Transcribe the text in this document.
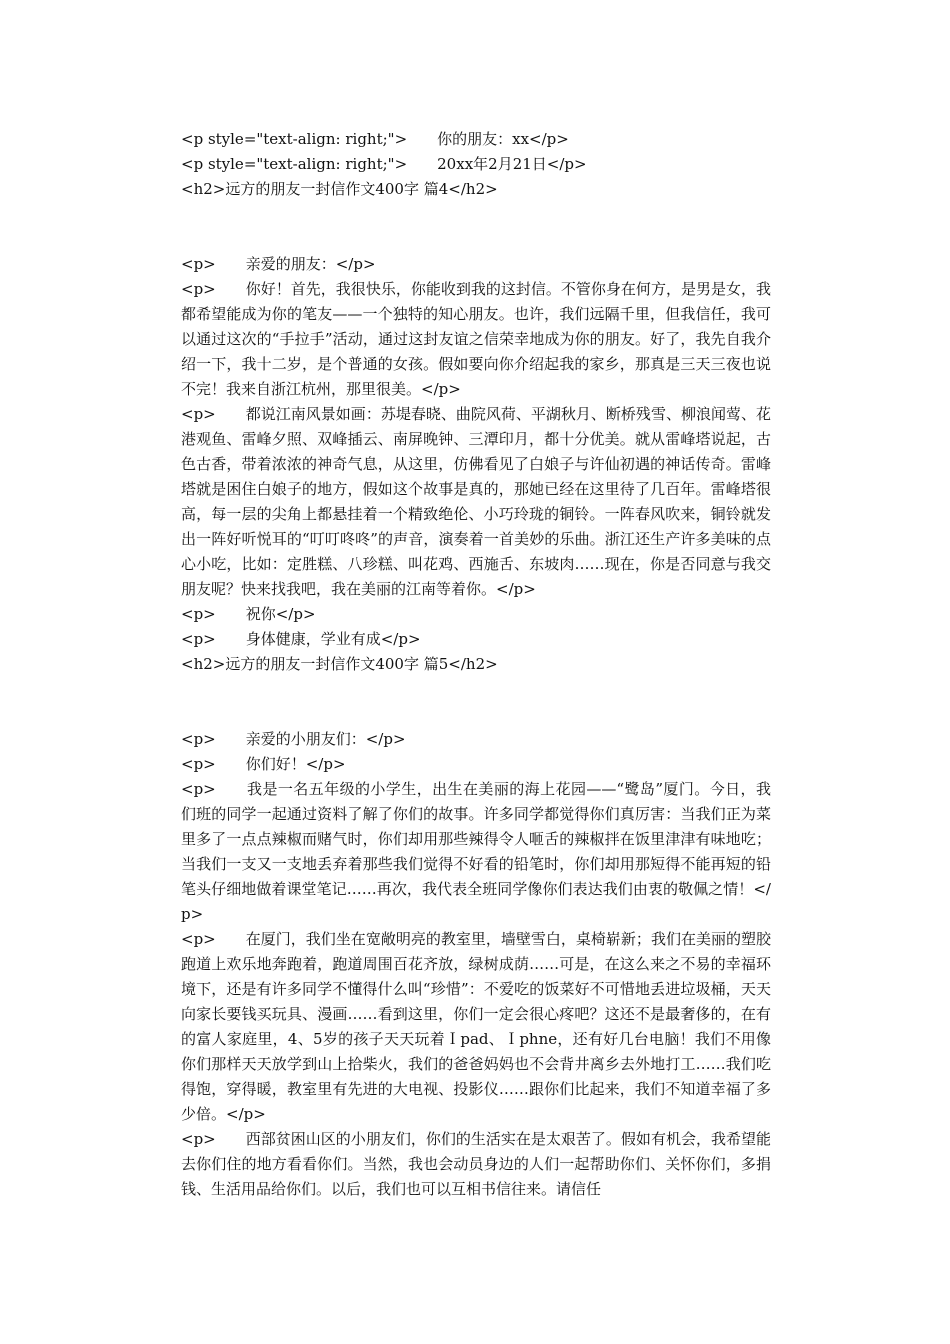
<p style="text-align: right;">　　你的朋友：xx</p>

<p style="text-align: right;">　　20xx年2月21日</p>

<h2>远方的朋友一封信作文400字 篇4</h2>

<p>　　亲爱的朋友：</p>

<p>　　你好！首先，我很快乐，你能收到我的这封信。不管你身在何方，是男是女，我都希望能成为你的笔友——一个独特的知心朋友。也许，我们远隔千里，但我信任，我可以通过这次的“手拉手”活动，通过这封友谊之信荣幸地成为你的朋友。好了，我先自我介绍一下，我十二岁，是个普通的女孩。假如要向你介绍起我的家乡，那真是三天三夜也说不完！我来自浙江杭州，那里很美。</p>

<p>　　都说江南风景如画：苏堤春晓、曲院风荷、平湖秋月、断桥残雪、柳浪闻莺、花港观鱼、雷峰夕照、双峰插云、南屏晚钟、三潭印月，都十分优美。就从雷峰塔说起，古色古香，带着浓浓的神奇气息，从这里，仿佛看见了白娘子与许仙初遇的神话传奇。雷峰塔就是困住白娘子的地方，假如这个故事是真的，那她已经在这里待了几百年。雷峰塔很高，每一层的尖角上都悬挂着一个精致绝伦、小巧玲珑的铜铃。一阵春风吹来，铜铃就发出一阵好听悦耳的“叮叮咚咚”的声音，演奏着一首美妙的乐曲。浙江还生产许多美味的点心小吃，比如：定胜糕、八珍糕、叫花鸡、西施舌、东坡肉……现在，你是否同意与我交朋友呢？快来找我吧，我在美丽的江南等着你。</p>

<p>　　祝你</p>

<p>　　身体健康，学业有成</p>

<h2>远方的朋友一封信作文400字 篇5</h2>

<p>　　亲爱的小朋友们：</p>

<p>　　你们好！</p>

<p>　　我是一名五年级的小学生，出生在美丽的海上花园——“鹭岛”厦门。今日，我们班的同学一起通过资料了解了你们的故事。许多同学都觉得你们真厉害：当我们正为菜里多了一点点辣椒而赌气时，你们却用那些辣得令人咂舌的辣椒拌在饭里津津有味地吃；当我们一支又一支地丢弃着那些我们觉得不好看的铅笔时，你们却用那短得不能再短的铅笔头仔细地做着课堂笔记……再次，我代表全班同学像你们表达我们由衷的敬佩之情！</p>

<p>　　在厦门，我们坐在宽敞明亮的教室里，墙壁雪白，桌椅崭新；我们在美丽的塑胶跑道上欢乐地奔跑着，跑道周围百花齐放，绿树成荫……可是，在这么来之不易的幸福环境下，还是有许多同学不懂得什么叫“珍惜”：不爱吃的饭菜好不可惜地丢进垃圾桶，天天向家长要钱买玩具、漫画……看到这里，你们一定会很心疼吧？这还不是最奢侈的，在有的富人家庭里，4、5岁的孩子天天玩着Ｉpad、Ｉphne，还有好几台电脑！我们不用像你们那样天天放学到山上拾柴火，我们的爸爸妈妈也不会背井离乡去外地打工……我们吃得饱，穿得暖，教室里有先进的大电视、投影仪……跟你们比起来，我们不知道幸福了多少倍。</p>

<p>　　西部贫困山区的小朋友们，你们的生活实在是太艰苦了。假如有机会，我希望能去你们住的地方看看你们。当然，我也会动员身边的人们一起帮助你们、关怀你们，多捐钱、生活用品给你们。以后，我们也可以互相书信往来。请信任
